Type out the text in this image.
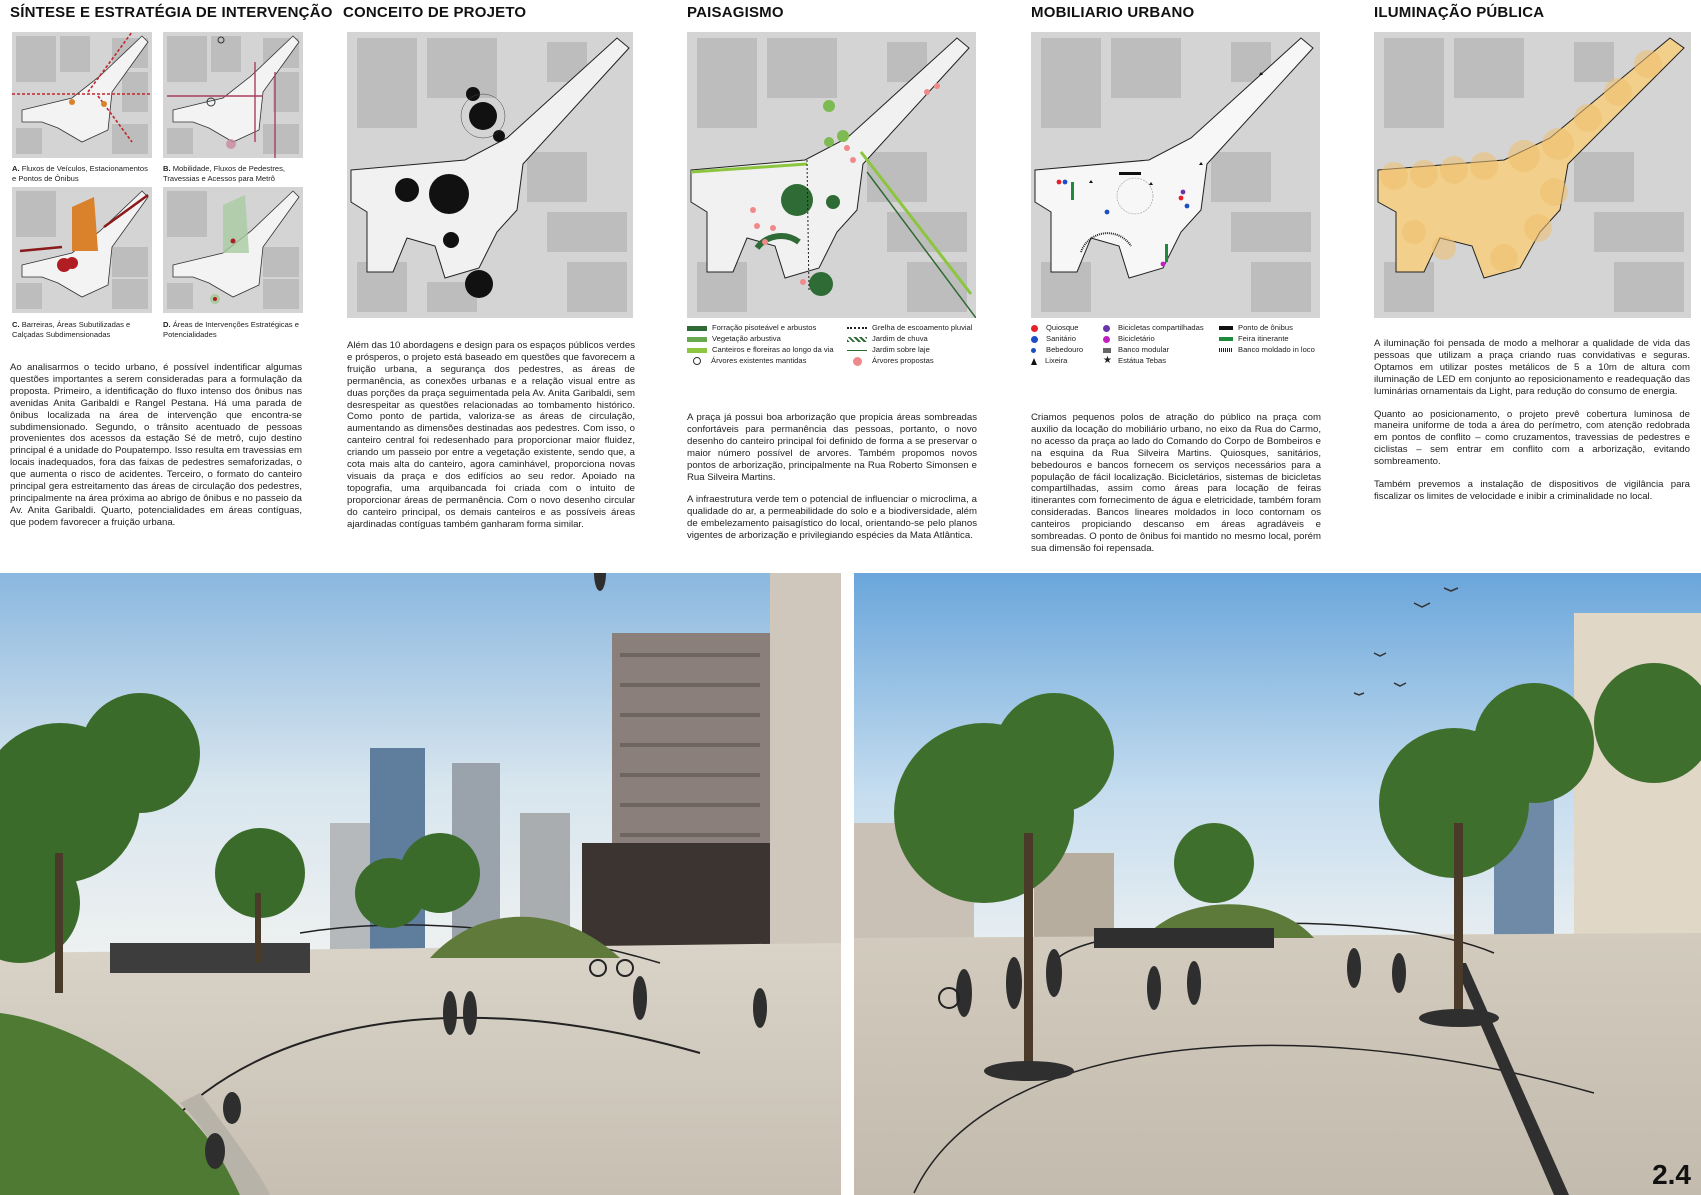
SÍNTESE E ESTRATÉGIA DE INTERVENÇÃO
A. Fluxos de Veículos, Estacionamentos e Pontos de Ônibus
B. Mobilidade, Fluxos de Pedestres, Travessias e Acessos para Metrô
C. Barreiras, Áreas Subutilizadas e Calçadas Subdimensionadas
D. Áreas de Intervenções Estratégicas e Potencialidades
Ao analisarmos o tecido urbano, é possível indentificar algumas questões importantes a serem consideradas para a formulação da proposta. Primeiro, a identificação do fluxo intenso dos ônibus nas avenidas Anita Garibaldi e Rangel Pestana. Há uma parada de ônibus localizada na área de intervenção que encontra-se subdimensionado. Segundo, o trânsito acentuado de pessoas provenientes dos acessos da estação Sé de metrô, cujo destino principal é a unidade do Poupatempo. Isso resulta em travessias em locais inadequados, fora das faixas de pedestres semaforizadas, o que aumenta o risco de acidentes. Terceiro, o formato do canteiro principal gera estreitamento das áreas de circulação dos pedestres, principalmente na área próxima ao abrigo de ônibus e no passeio da Av. Anita Garibaldi. Quarto, potencialidades em áreas contíguas, que podem favorecer a fruição urbana.
CONCEITO DE PROJETO
Além das 10 abordagens e design para os espaços públicos verdes e prósperos, o projeto está baseado em questões que favorecem a fruição urbana, a segurança dos pedestres, as áreas de permanência, as conexões urbanas e a relação visual entre as duas porções da praça seguimentada pela Av. Anita Garibaldi, sem desrespeitar as questões relacionadas ao tombamento histórico. Como ponto de partida, valoriza-se as áreas de circulação, aumentando as dimensões destinadas aos pedestres. Com isso, o canteiro central foi redesenhado para proporcionar maior fluidez, criando um passeio por entre a vegetação existente, sendo que, a cota mais alta do canteiro, agora caminhável, proporciona novas visuais da praça e dos edifícios ao seu redor. Apoiado na topografia, uma arquibancada foi criada com o intuito de proporcionar áreas de permanência. Com o novo desenho circular do canteiro principal, os demais canteiros e as possíveis áreas ajardinadas contíguas também ganharam forma similar.
PAISAGISMO
Forração pisoteável e arbustos
Vegetação arbustiva
Canteiros e floreiras ao longo da via
Árvores existentes mantidas
Grelha de escoamento pluvial
Jardim de chuva
Jardim sobre laje
Árvores propostas

A praça já possui boa arborização que propicia áreas sombreadas confortáveis para permanência das pessoas, portanto, o novo desenho do canteiro principal foi definido de forma a se preservar o maior número possível de arvores. Também propomos novos pontos de arborização, principalmente na Rua Roberto Simonsen e Rua Silveira Martins.

A infraestrutura verde tem o potencial de influenciar o microclima, a qualidade do ar, a permeabilidade do solo e a biodiversidade, além de embelezamento paisagístico do local, orientando-se pelo planos vigentes de arborização e privilegiando espécies da Mata Atlântica.

MOBILIARIO URBANO
Quiosque
Sanitário
Bebedouro
Lixeira
Bicicletas compartilhadas
Bicicletário
Banco modular
★ Estátua Tebas
Ponto de ônibus
Feira itinerante
Banco moldado in loco
Criamos pequenos polos de atração do público na praça com auxilio da locação do mobiliário urbano, no eixo da Rua do Carmo, no acesso da praça ao lado do Comando do Corpo de Bombeiros e na esquina da Rua Silveira Martins. Quiosques, sanitários, bebedouros e bancos fornecem os serviços necessários para a população de fácil localização. Bicicletários, sistemas de bicicletas compartilhadas, assim como áreas para locação de feiras itinerantes com fornecimento de água e eletricidade, também foram consideradas. Bancos lineares moldados in loco contornam os canteiros propiciando descanso em áreas agradáveis e sombreadas. O ponto de ônibus foi mantido no mesmo local, porém sua dimensão foi repensada.
ILUMINAÇÃO PÚBLICA

A iluminação foi pensada de modo a melhorar a qualidade de vida das pessoas que utilizam a praça criando ruas convidativas e seguras. Optamos em utilizar postes metálicos de 5 a 10m de altura com iluminação de LED em conjunto ao reposicionamento e readequação das luminárias ornamentais da Light, para redução do consumo de energia.

Quanto ao posicionamento, o projeto prevê cobertura luminosa de maneira uniforme de toda a área do perímetro, com atenção redobrada em pontos de conflito – como cruzamentos, travessias de pedestres e ciclistas – sem entrar em conflito com a arborização, evitando sombreamento.

Também prevemos a instalação de dispositivos de vigilância para fiscalizar os limites de velocidade e inibir a criminalidade no local.

2.4
